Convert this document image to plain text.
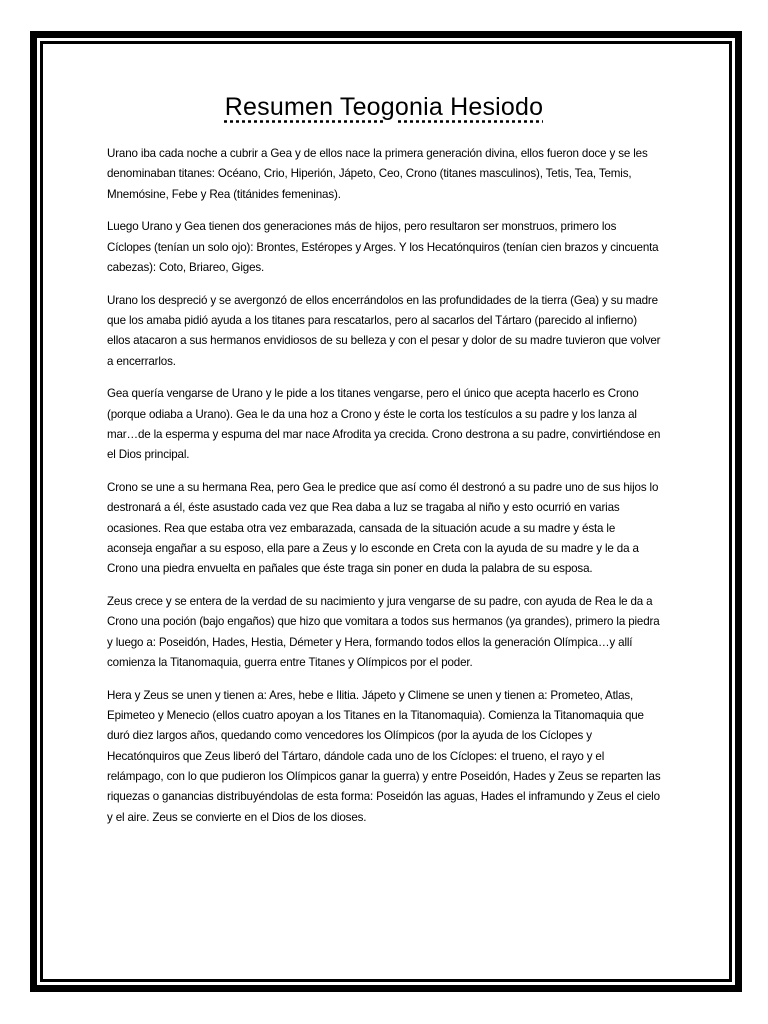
Resumen Teogonia Hesiodo

Urano iba cada noche a cubrir a Gea y de ellos nace la primera generación divina, ellos fueron doce y se les denominaban titanes: Océano, Crio, Hiperión, Jápeto, Ceo, Crono (titanes masculinos), Tetis, Tea, Temis, Mnemósine, Febe y Rea (titánides femeninas).

Luego Urano y Gea tienen dos generaciones más de hijos, pero resultaron ser monstruos, primero los Cíclopes (tenían un solo ojo): Brontes, Estéropes y Arges. Y los Hecatónquiros (tenían cien brazos y cincuenta cabezas): Coto, Briareo, Giges.

Urano los despreció y se avergonzó de ellos encerrándolos en las profundidades de la tierra (Gea) y su madre que los amaba pidió ayuda a los titanes para rescatarlos, pero al sacarlos del Tártaro (parecido al infierno) ellos atacaron a sus hermanos envidiosos de su belleza y con el pesar y dolor de su madre tuvieron que volver a encerrarlos.

Gea quería vengarse de Urano y le pide a los titanes vengarse, pero el único que acepta hacerlo es Crono (porque odiaba a Urano). Gea le da una hoz a Crono y éste le corta los testículos a su padre y los lanza al mar…de la esperma y espuma del mar nace Afrodita ya crecida. Crono destrona a su padre, convirtiéndose en el Dios principal.

Crono se une a su hermana Rea, pero Gea le predice que así como él destronó a su padre uno de sus hijos lo destronará a él, éste asustado cada vez que Rea daba a luz se tragaba al niño y esto ocurrió en varias ocasiones. Rea que estaba otra vez embarazada, cansada de la situación acude a su madre y ésta le aconseja engañar a su esposo, ella pare a Zeus y lo esconde en Creta con la ayuda de su madre y le da a Crono una piedra envuelta en pañales que éste traga sin poner en duda la palabra de su esposa.

Zeus crece y se entera de la verdad de su nacimiento y jura vengarse de su padre, con ayuda de Rea le da a Crono una poción (bajo engaños) que hizo que vomitara a todos sus hermanos (ya grandes), primero la piedra y luego a: Poseidón, Hades, Hestia, Démeter y Hera, formando todos ellos la generación Olímpica…y allí comienza la Titanomaquia, guerra entre Titanes y Olímpicos por el poder.

Hera y Zeus se unen y tienen a: Ares, hebe e Ilitia. Jápeto y Climene se unen y tienen a: Prometeo, Atlas, Epimeteo y Menecio (ellos cuatro apoyan a los Titanes en la Titanomaquia). Comienza la Titanomaquia que duró diez largos años, quedando como vencedores los Olímpicos (por la ayuda de los Cíclopes y Hecatónquiros que Zeus liberó del Tártaro, dándole cada uno de los Cíclopes: el trueno, el rayo y el relámpago, con lo que pudieron los Olímpicos ganar la guerra) y entre Poseidón, Hades y Zeus se reparten las riquezas o ganancias distribuyéndolas de esta forma: Poseidón las aguas, Hades el inframundo y Zeus el cielo y el aire. Zeus se convierte en el Dios de los dioses.
